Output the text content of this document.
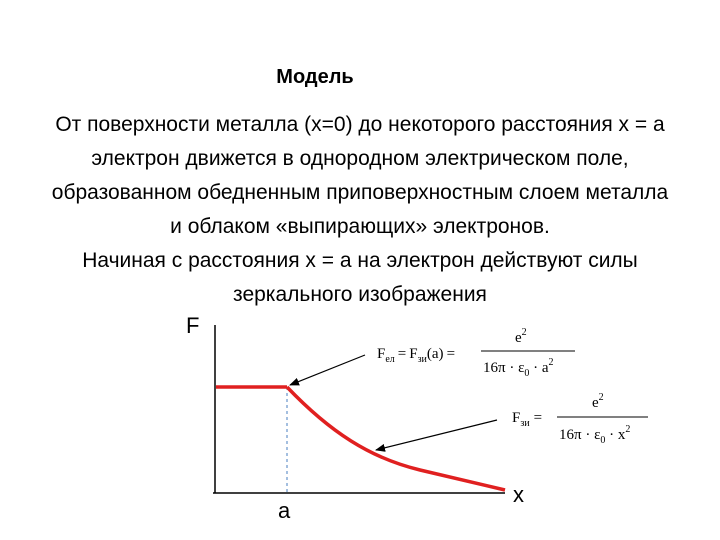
Модель
От поверхности металла (x=0) до некоторого расстояния x = a
электрон движется в однородном электрическом поле,
образованном обедненным приповерхностным слоем металла
и облаком «выпирающих» электронов.
Начиная с расстояния x = a на электрон действуют силы
зеркального изображения
F
x
a
$F_{ел} = F_{зи}(a)$ =
$e^2$
$16\pi \cdot \varepsilon_0 \cdot a^2$
$F_{зи}$ =
$e^2$
$16\pi \cdot \varepsilon_0 \cdot x^2$
